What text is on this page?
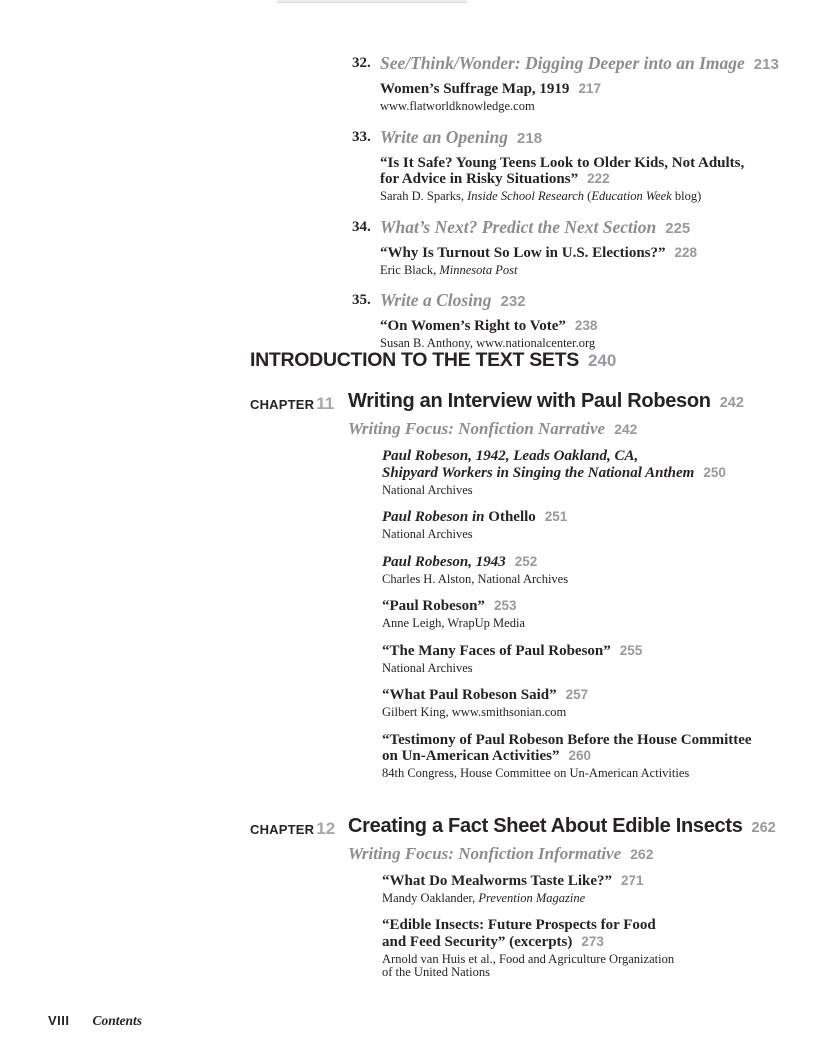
32. See/Think/Wonder: Digging Deeper into an Image 213
Women’s Suffrage Map, 1919 217
www.flatworldknowledge.com
33. Write an Opening 218
“Is It Safe? Young Teens Look to Older Kids, Not Adults,
for Advice in Risky Situations” 222
Sarah D. Sparks, Inside School Research (Education Week blog)
34. What’s Next? Predict the Next Section 225
“Why Is Turnout So Low in U.S. Elections?” 228
Eric Black, Minnesota Post
35. Write a Closing 232
“On Women’s Right to Vote” 238
Susan B. Anthony, www.nationalcenter.org
INTRODUCTION TO THE TEXT SETS 240
CHAPTER 11 Writing an Interview with Paul Robeson 242
Writing Focus: Nonfiction Narrative 242
Paul Robeson, 1942, Leads Oakland, CA,
Shipyard Workers in Singing the National Anthem 250
National Archives
Paul Robeson in Othello 251
National Archives
Paul Robeson, 1943 252
Charles H. Alston, National Archives
“Paul Robeson” 253
Anne Leigh, WrapUp Media
“The Many Faces of Paul Robeson” 255
National Archives
“What Paul Robeson Said” 257
Gilbert King, www.smithsonian.com
“Testimony of Paul Robeson Before the House Committee
on Un-American Activities” 260
84th Congress, House Committee on Un-American Activities
CHAPTER 12 Creating a Fact Sheet About Edible Insects 262
Writing Focus: Nonfiction Informative 262
“What Do Mealworms Taste Like?” 271
Mandy Oaklander, Prevention Magazine
“Edible Insects: Future Prospects for Food
and Feed Security” (excerpts) 273
Arnold van Huis et al., Food and Agriculture Organization
of the United Nations
VIII Contents
